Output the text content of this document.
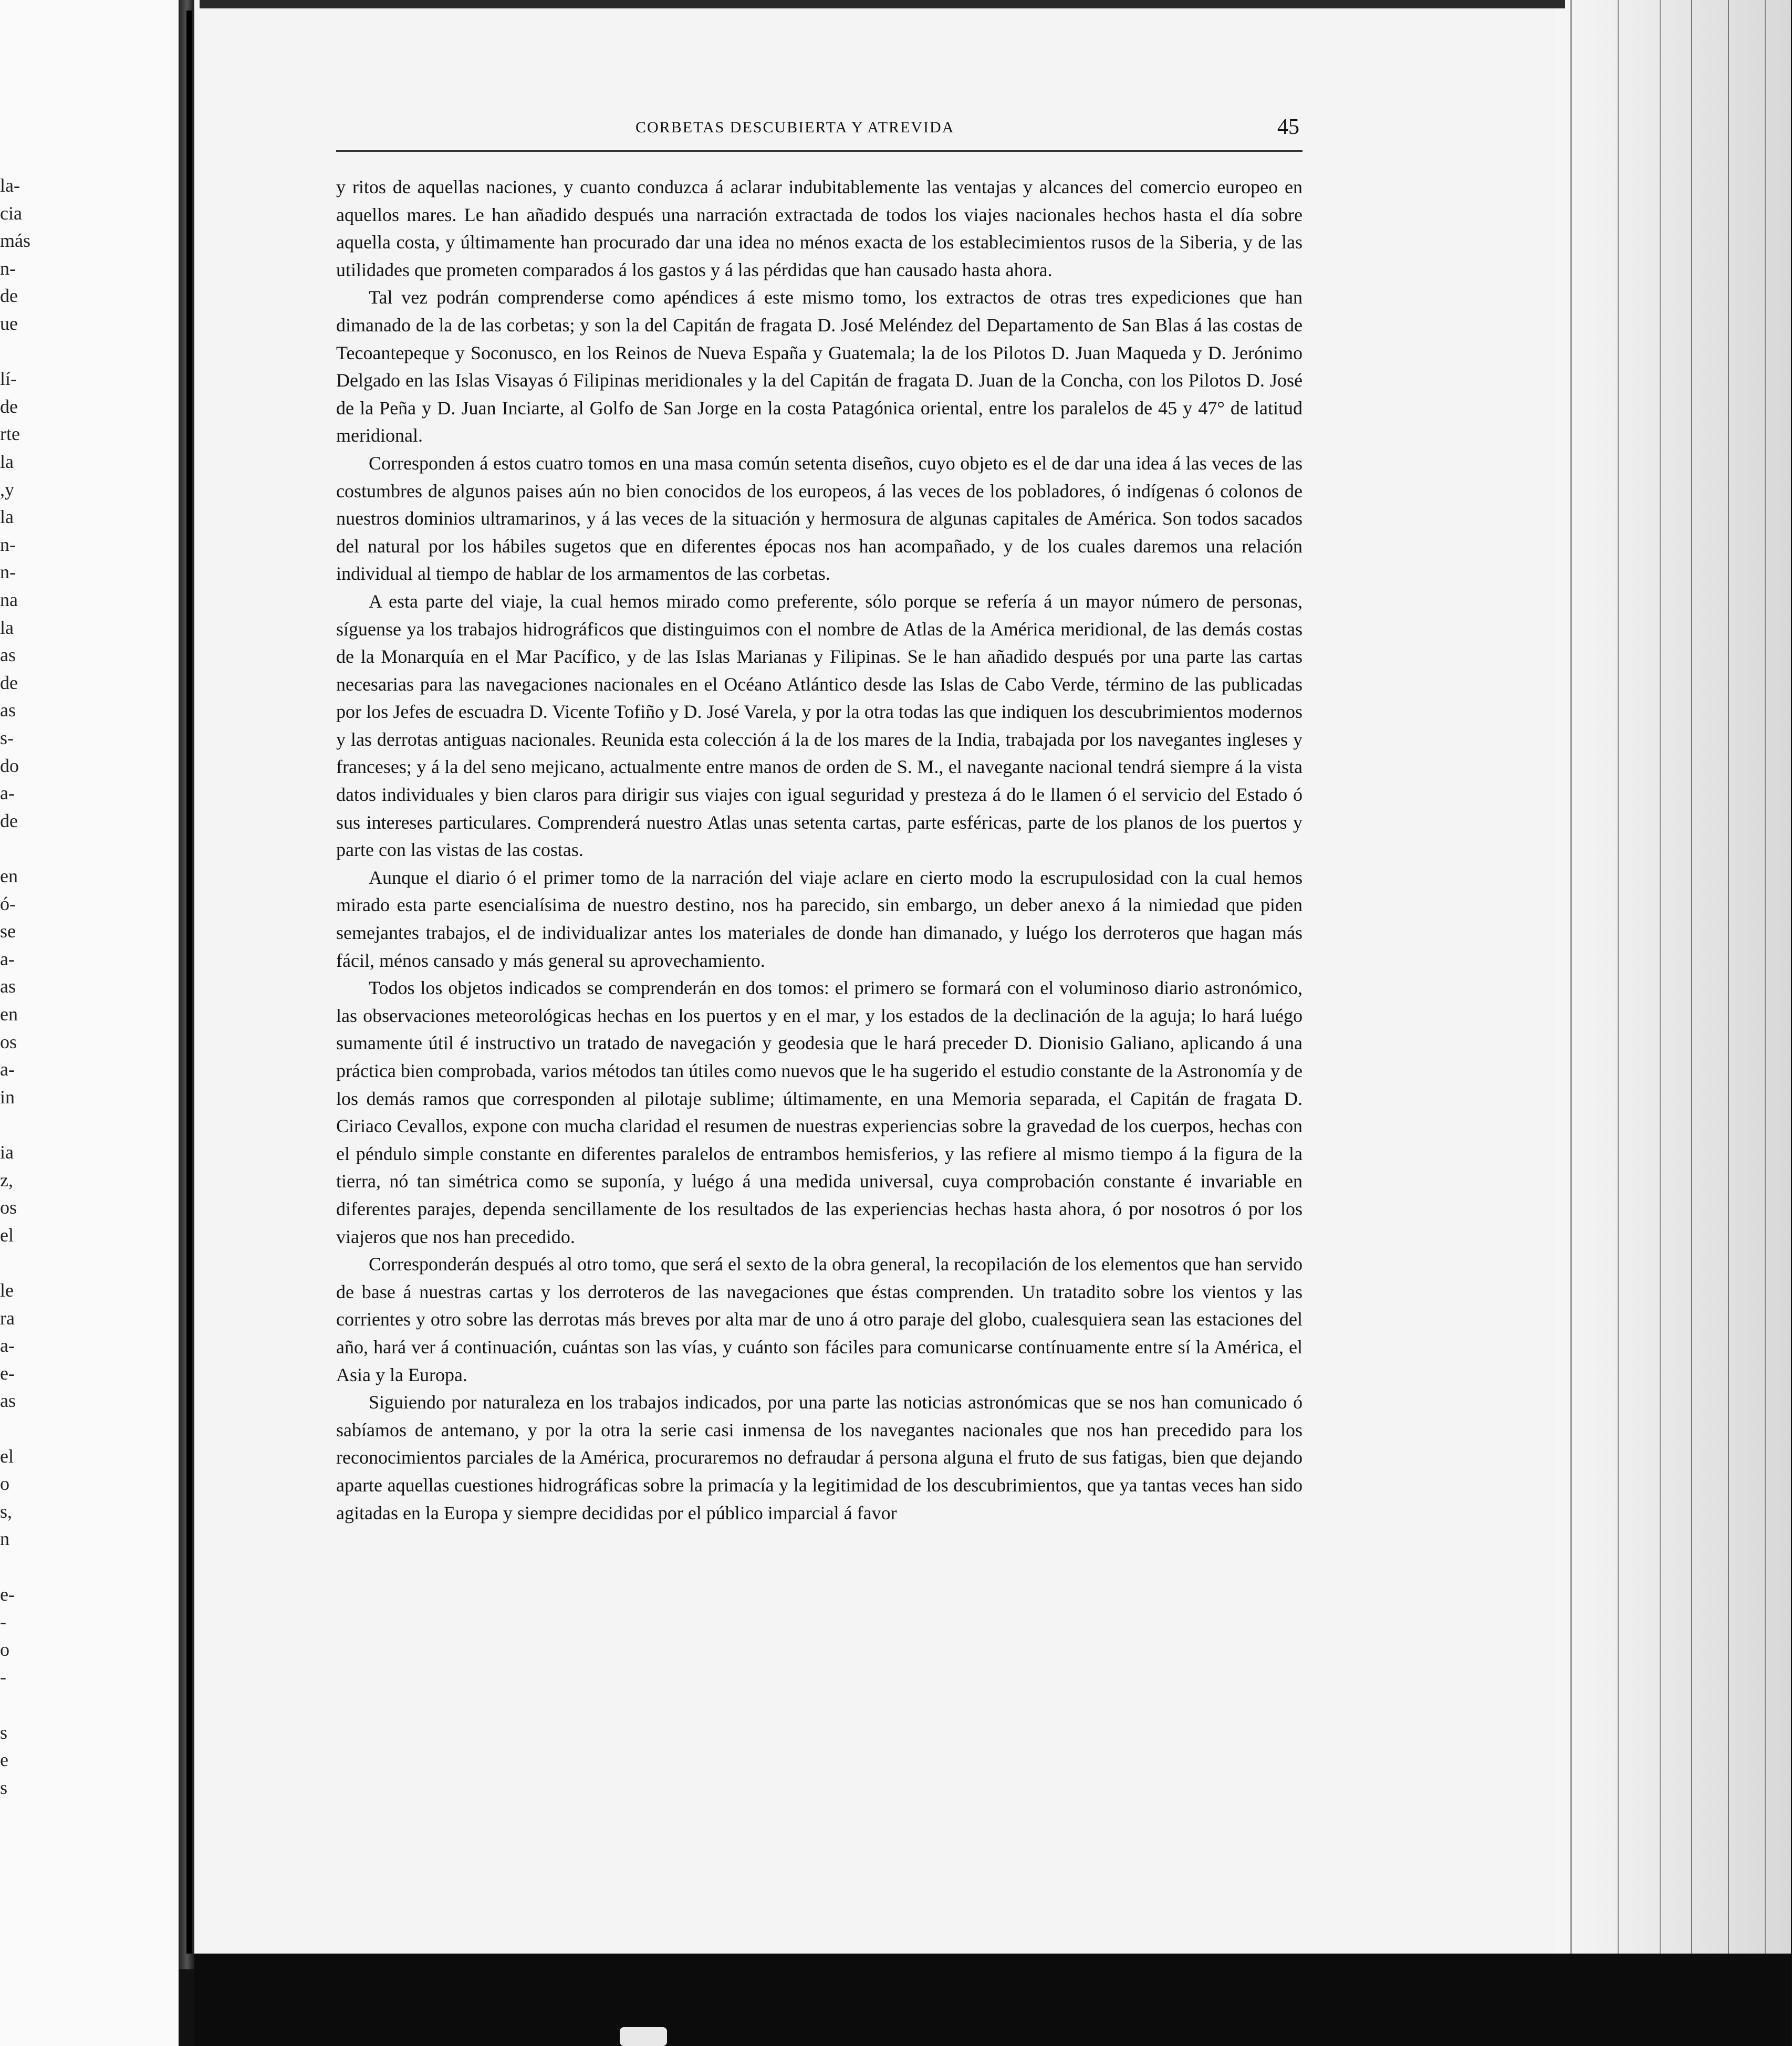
la-
cia
más
n-
de
ue
lí-
de
rte
la
,y
la
n-
n-
na
la
as
de
as
s-
do
a-
de
en
ó-
se
a-
as
en
os
a-
in
ia
z,
os
el
le
ra
a-
e-
as
el
o
s,
n
e-
-
o
-
s
e
s
CORBETAS DESCUBIERTA Y ATREVIDA	45

y ritos de aquellas naciones, y cuanto conduzca á aclarar indubitablemente las ventajas y alcances del comercio europeo en aquellos mares. Le han añadido después una narración extractada de todos los viajes nacionales hechos hasta el día sobre aquella costa, y últimamente han procurado dar una idea no ménos exacta de los establecimientos rusos de la Siberia, y de las utilidades que prometen comparados á los gastos y á las pérdidas que han causado hasta ahora.

Tal vez podrán comprenderse como apéndices á este mismo tomo, los extractos de otras tres expediciones que han dimanado de la de las corbetas; y son la del Capitán de fragata D. José Meléndez del Departamento de San Blas á las costas de Tecoantepeque y Soconusco, en los Reinos de Nueva España y Guatemala; la de los Pilotos D. Juan Maqueda y D. Jerónimo Delgado en las Islas Visayas ó Filipinas meridionales y la del Capitán de fragata D. Juan de la Concha, con los Pilotos D. José de la Peña y D. Juan Inciarte, al Golfo de San Jorge en la costa Patagónica oriental, entre los paralelos de 45 y 47° de latitud meridional.

Corresponden á estos cuatro tomos en una masa común setenta diseños, cuyo objeto es el de dar una idea á las veces de las costumbres de algunos paises aún no bien conocidos de los europeos, á las veces de los pobladores, ó indígenas ó colonos de nuestros dominios ultramarinos, y á las veces de la situación y hermosura de algunas capitales de América. Son todos sacados del natural por los hábiles sugetos que en diferentes épocas nos han acompañado, y de los cuales daremos una relación individual al tiempo de hablar de los armamentos de las corbetas.

A esta parte del viaje, la cual hemos mirado como preferente, sólo porque se refería á un mayor número de personas, síguense ya los trabajos hidrográficos que distinguimos con el nombre de Atlas de la América meridional, de las demás costas de la Monarquía en el Mar Pacífico, y de las Islas Marianas y Filipinas. Se le han añadido después por una parte las cartas necesarias para las navegaciones nacionales en el Océano Atlántico desde las Islas de Cabo Verde, término de las publicadas por los Jefes de escuadra D. Vicente Tofiño y D. José Varela, y por la otra todas las que indiquen los descubrimientos modernos y las derrotas antiguas nacionales. Reunida esta colección á la de los mares de la India, trabajada por los navegantes ingleses y franceses; y á la del seno mejicano, actualmente entre manos de orden de S. M., el navegante nacional tendrá siempre á la vista datos individuales y bien claros para dirigir sus viajes con igual seguridad y presteza á do le llamen ó el servicio del Estado ó sus intereses particulares. Comprenderá nuestro Atlas unas setenta cartas, parte esféricas, parte de los planos de los puertos y parte con las vistas de las costas.

Aunque el diario ó el primer tomo de la narración del viaje aclare en cierto modo la escrupulosidad con la cual hemos mirado esta parte esencialísima de nuestro destino, nos ha parecido, sin embargo, un deber anexo á la nimiedad que piden semejantes trabajos, el de individualizar antes los materiales de donde han dimanado, y luégo los derroteros que hagan más fácil, ménos cansado y más general su aprovechamiento.

Todos los objetos indicados se comprenderán en dos tomos: el primero se formará con el voluminoso diario astronómico, las observaciones meteorológicas hechas en los puertos y en el mar, y los estados de la declinación de la aguja; lo hará luégo sumamente útil é instructivo un tratado de navegación y geodesia que le hará preceder D. Dionisio Galiano, aplicando á una práctica bien comprobada, varios métodos tan útiles como nuevos que le ha sugerido el estudio constante de la Astronomía y de los demás ramos que corresponden al pilotaje sublime; últimamente, en una Memoria separada, el Capitán de fragata D. Ciriaco Cevallos, expone con mucha claridad el resumen de nuestras experiencias sobre la gravedad de los cuerpos, hechas con el péndulo simple constante en diferentes paralelos de entrambos hemisferios, y las refiere al mismo tiempo á la figura de la tierra, nó tan simétrica como se suponía, y luégo á una medida universal, cuya comprobación constante é invariable en diferentes parajes, dependa sencillamente de los resultados de las experiencias hechas hasta ahora, ó por nosotros ó por los viajeros que nos han precedido.

Corresponderán después al otro tomo, que será el sexto de la obra general, la recopilación de los elementos que han servido de base á nuestras cartas y los derroteros de las navegaciones que éstas comprenden. Un tratadito sobre los vientos y las corrientes y otro sobre las derrotas más breves por alta mar de uno á otro paraje del globo, cualesquiera sean las estaciones del año, hará ver á continuación, cuántas son las vías, y cuánto son fáciles para comunicarse contínuamente entre sí la América, el Asia y la Europa.

Siguiendo por naturaleza en los trabajos indicados, por una parte las noticias astronómicas que se nos han comunicado ó sabíamos de antemano, y por la otra la serie casi inmensa de los navegantes nacionales que nos han precedido para los reconocimientos parciales de la América, procuraremos no defraudar á persona alguna el fruto de sus fatigas, bien que dejando aparte aquellas cuestiones hidrográficas sobre la primacía y la legitimidad de los descubrimientos, que ya tantas veces han sido agitadas en la Europa y siempre decididas por el público imparcial á favor
